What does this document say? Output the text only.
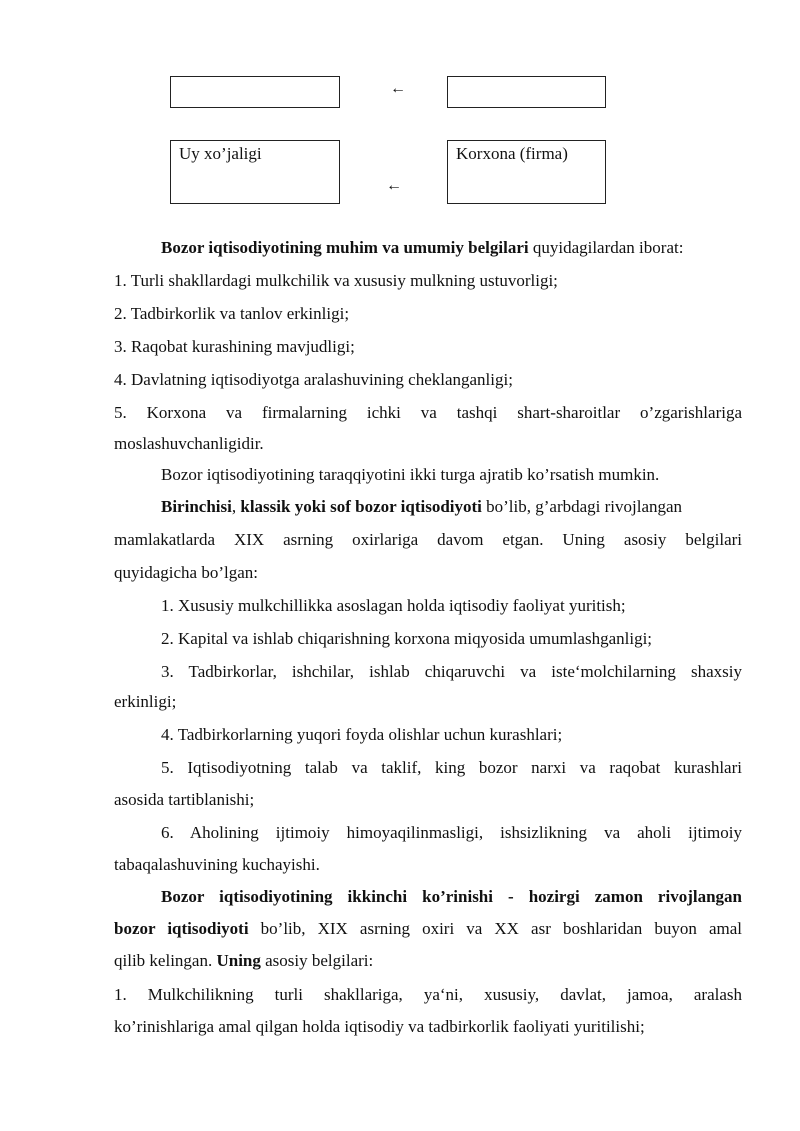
←
Uy xo’jaligi
←
Korxona (firma)
Bozor iqtisodiyotining muhim va umumiy belgilari quyidagilardan iborat:
1. Turli shakllardagi mulkchilik va xususiy mulkning ustuvorligi;
2. Tadbirkorlik va tanlov erkinligi;
3. Raqobat kurashining mavjudligi;
4. Davlatning iqtisodiyotga aralashuvining cheklanganligi;
5. Korxona va firmalarning ichki va tashqi shart-sharoitlar o’zgarishlariga
moslashuvchanligidir.
Bozor iqtisodiyotining taraqqiyotini ikki turga ajratib ko’rsatish mumkin.
Birinchisi, klassik yoki sof bozor iqtisodiyoti bo’lib, g’arbdagi rivojlangan
mamlakatlarda XIX asrning oxirlariga davom etgan. Uning asosiy belgilari
quyidagicha bo’lgan:
1. Xususiy mulkchillikka asoslagan holda iqtisodiy faoliyat yuritish;
2. Kapital va ishlab chiqarishning korxona miqyosida umumlashganligi;
3. Tadbirkorlar, ishchilar, ishlab chiqaruvchi va iste‘molchilarning shaxsiy
erkinligi;
4. Tadbirkorlarning yuqori foyda olishlar uchun kurashlari;
5. Iqtisodiyotning talab va taklif, king bozor narxi va raqobat kurashlari
asosida tartiblanishi;
6. Aholining ijtimoiy himoyaqilinmasligi, ishsizlikning va aholi ijtimoiy
tabaqalashuvining kuchayishi.
Bozor iqtisodiyotining ikkinchi ko’rinishi - hozirgi zamon rivojlangan
bozor iqtisodiyoti bo’lib, XIX asrning oxiri va XX asr boshlaridan buyon amal
qilib kelingan. Uning asosiy belgilari:
1. Mulkchilikning turli shakllariga, ya‘ni, xususiy, davlat, jamoa, aralash
ko’rinishlariga amal qilgan holda iqtisodiy va tadbirkorlik faoliyati yuritilishi;
